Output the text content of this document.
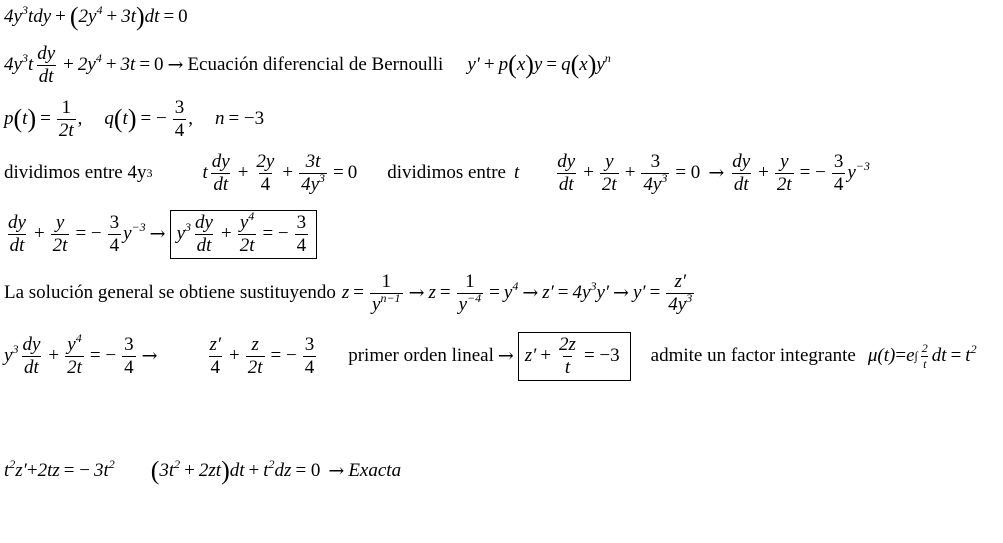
$4y^3tdy$ + ( $2y^4 + 3t$ ) dt = 0
$4y^3t \frac{dy}{dt} + 2y^4 + 3t = 0$ → Ecuación diferencial de Bernoulli y′ + p ( x ) y = q ( x ) $y^n$
p ( t ) = $\frac{1}{2t}$ , q ( t ) = − $\frac{3}{4}$ , n = −3
dividimos entre 4y 3	t $\frac{dy}{dt} + \frac{2y}{4} + \frac{3t}{4y^3} = 0$ dividimos entre t $\frac{dy}{dt} + \frac{y}{2t} + \frac{3}{4y^3} = 0 \to \frac{dy}{dt} + \frac{y}{2t}$ = − $\frac{3}{4} y^{-3}$
$\frac{dy}{dt} + \frac{y}{2t}$ = − $\frac{3}{4} y^{-3} \to y^3 \frac{dy}{dt} + \frac{y^4}{2t}$ = − $\frac{3}{4}$
La solución general se obtiene sustituyendo $z = \frac{1}{y^{n-1}} \to z = \frac{1}{y^{-4}} = y^4 \to z' = 4y^3y' \to y' = \frac{z'}{4y^3}$
$y^3 \frac{dy}{dt} + \frac{y^4}{2t}$ = − $\frac{3}{4}$ →	$\frac{z'}{4} + \frac{z}{2t}$ = − $\frac{3}{4}$ primer orden lineal → $z' + \frac{2z}{t} = -3$ admite un factor integrante μ(t) = e ∫ $\frac{2}{t}$ dt = $t^2$
$t^2z' + 2tz$ = − $3t^2$ ( $3t^2 + 2zt$ ) dt + $t^2dz = 0$ → Exacta
